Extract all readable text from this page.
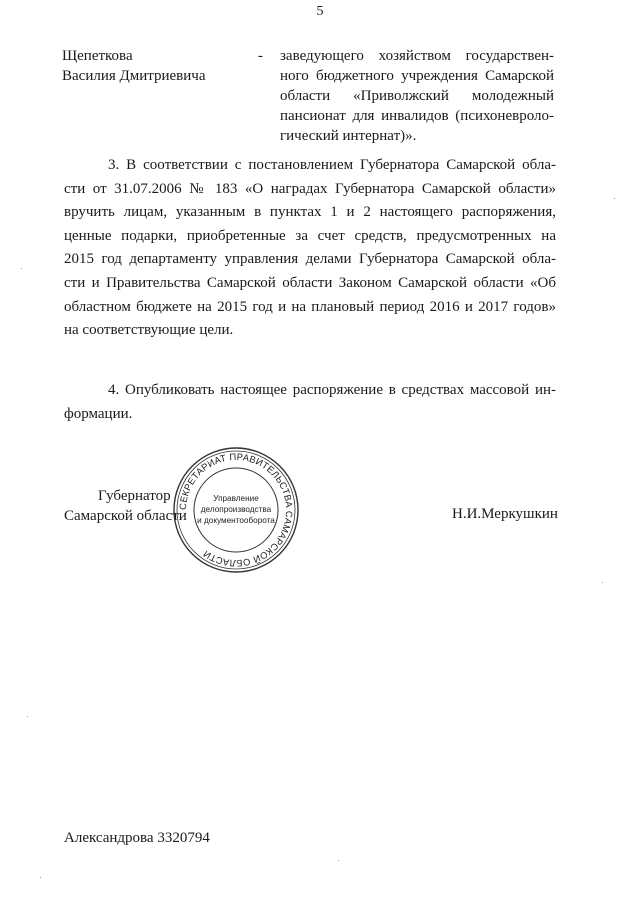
5
Щепеткова
Василия Дмитриевича
- заведующего хозяйством государствен-
ного бюджетного учреждения Самарской
области «Приволжский молодежный
пансионат для инвалидов (психоневроло-
гический интернат)».
3. В соответствии с постановлением Губернатора Самарской обла-
сти от 31.07.2006 № 183 «О наградах Губернатора Самарской области»
вручить лицам, указанным в пунктах 1 и 2 настоящего распоряжения,
ценные подарки, приобретенные за счет средств, предусмотренных на
2015 год департаменту управления делами Губернатора Самарской обла-
сти и Правительства Самарской области Законом Самарской области «Об
областном бюджете на 2015 год и на плановый период 2016 и 2017 годов»
на соответствующие цели.
4. Опубликовать настоящее распоряжение в средствах массовой ин-
формации.
Губернатор
Самарской области
СЕКРЕТАРИАТ ПРАВИТЕЛЬСТВА САМАРСКОЙ ОБЛАСТИ
Управление
делопроизводства
и документооборота	Н.И.Меркушкин
Александрова 3320794
